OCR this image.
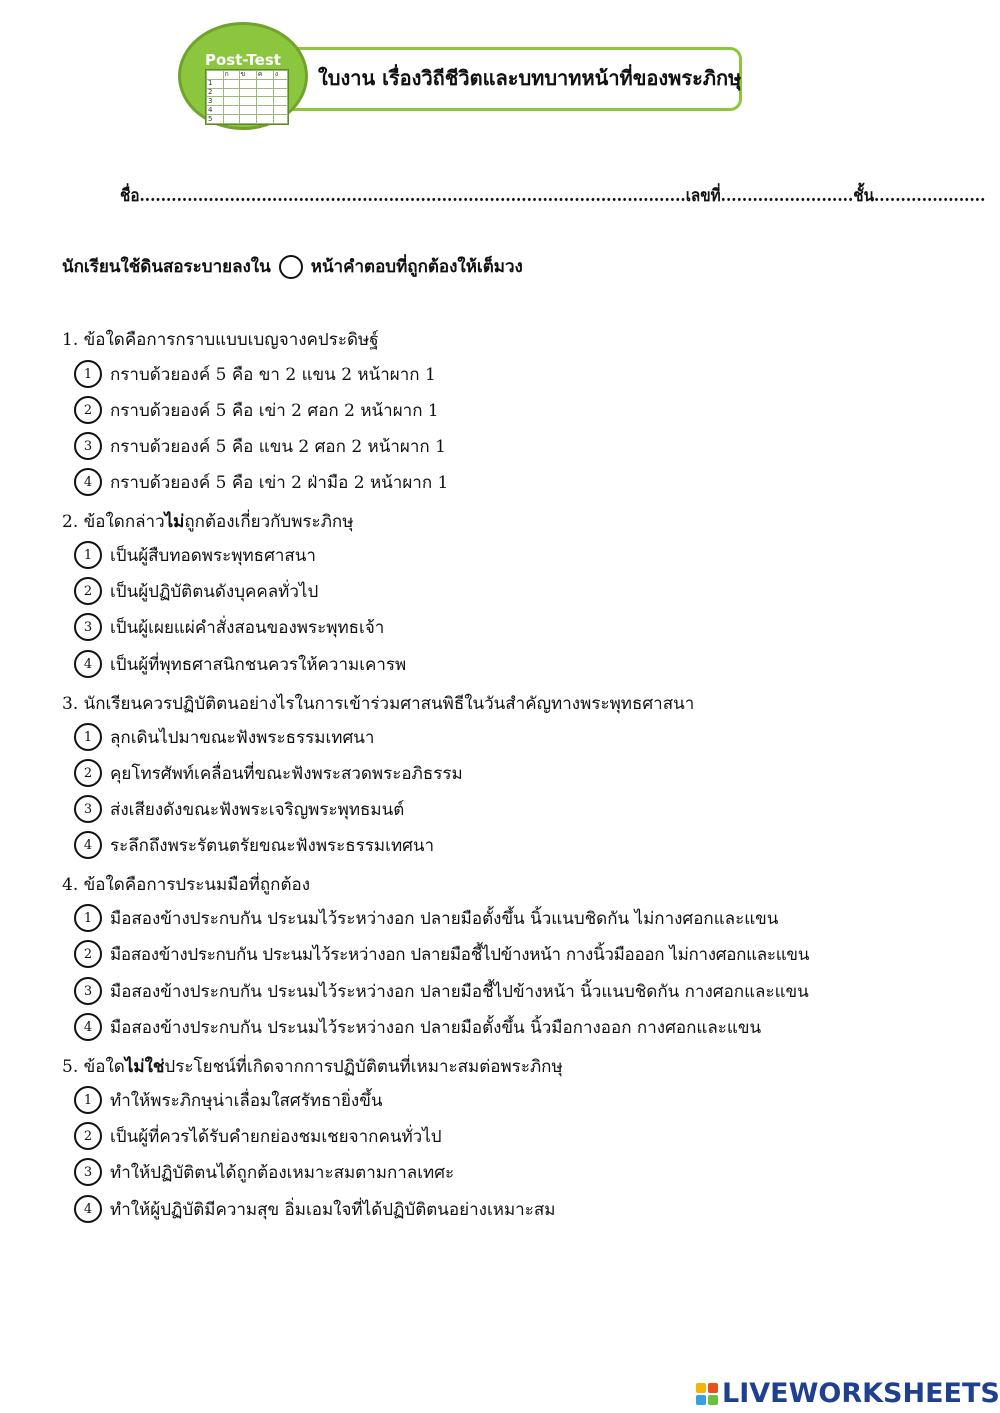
Post-Test
	ก	ข	ค	ง
1				
2				
3				
4				
5				
ใบงาน เรื่องวิถีชีวิตและบทบาทหน้าที่ของพระภิกษุ
ชื่อ.......................................................................................................เลขที่.........................ชั้น.....................
นักเรียนใช้ดินสอระบายลงใน หน้าคำตอบที่ถูกต้องให้เต็มวง
1. ข้อใดคือการกราบแบบเบญจางคประดิษฐ์
1	กราบด้วยองค์ 5 คือ ขา 2 แขน 2 หน้าผาก 1
2	กราบด้วยองค์ 5 คือ เข่า 2 ศอก 2 หน้าผาก 1
3	กราบด้วยองค์ 5 คือ แขน 2 ศอก 2 หน้าผาก 1
4	กราบด้วยองค์ 5 คือ เข่า 2 ฝ่ามือ 2 หน้าผาก 1
2. ข้อใดกล่าวไม่ถูกต้องเกี่ยวกับพระภิกษุ
1	เป็นผู้สืบทอดพระพุทธศาสนา
2	เป็นผู้ปฏิบัติตนดังบุคคลทั่วไป
3	เป็นผู้เผยแผ่คำสั่งสอนของพระพุทธเจ้า
4	เป็นผู้ที่พุทธศาสนิกชนควรให้ความเคารพ
3. นักเรียนควรปฏิบัติตนอย่างไรในการเข้าร่วมศาสนพิธีในวันสำคัญทางพระพุทธศาสนา
1	ลุกเดินไปมาขณะฟังพระธรรมเทศนา
2	คุยโทรศัพท์เคลื่อนที่ขณะฟังพระสวดพระอภิธรรม
3	ส่งเสียงดังขณะฟังพระเจริญพระพุทธมนต์
4	ระลึกถึงพระรัตนตรัยขณะฟังพระธรรมเทศนา
4. ข้อใดคือการประนมมือที่ถูกต้อง
1	มือสองข้างประกบกัน ประนมไว้ระหว่างอก ปลายมือตั้งขึ้น นิ้วแนบชิดกัน ไม่กางศอกและแขน
2	มือสองข้างประกบกัน ประนมไว้ระหว่างอก ปลายมือชี้ไปข้างหน้า กางนิ้วมือออก ไม่กางศอกและแขน
3	มือสองข้างประกบกัน ประนมไว้ระหว่างอก ปลายมือชี้ไปข้างหน้า นิ้วแนบชิดกัน กางศอกและแขน
4	มือสองข้างประกบกัน ประนมไว้ระหว่างอก ปลายมือตั้งขึ้น นิ้วมือกางออก กางศอกและแขน
5. ข้อใดไม่ใช่ประโยชน์ที่เกิดจากการปฏิบัติตนที่เหมาะสมต่อพระภิกษุ
1	ทำให้พระภิกษุน่าเลื่อมใสศรัทธายิ่งขึ้น
2	เป็นผู้ที่ควรได้รับคำยกย่องชมเชยจากคนทั่วไป
3	ทำให้ปฏิบัติตนได้ถูกต้องเหมาะสมตามกาลเทศะ
4	ทำให้ผู้ปฏิบัติมีความสุข อิ่มเอมใจที่ได้ปฏิบัติตนอย่างเหมาะสม
LIVEWORKSHEETS
